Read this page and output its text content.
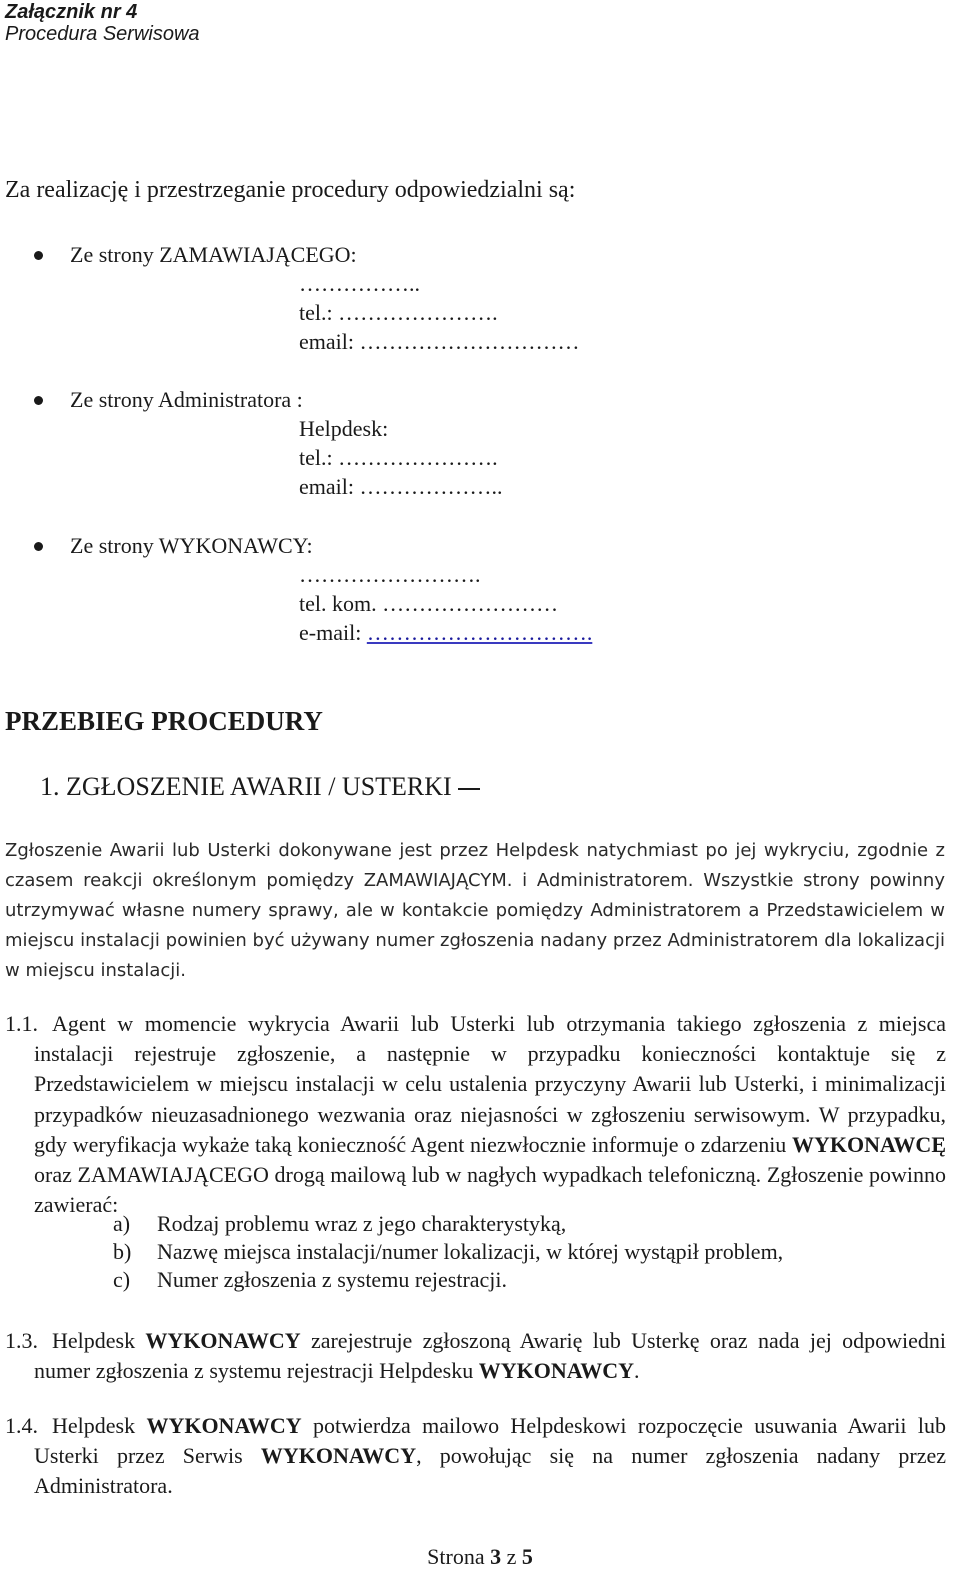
Załącznik nr 4
Procedura Serwisowa
Za realizację i przestrzeganie procedury odpowiedzialni są:
Ze strony ZAMAWIAJĄCEGO:
……………..
tel.: ………………….
email: …………………………
Ze strony Administratora :
Helpdesk:
tel.: ………………….
email: ………………..
Ze strony WYKONAWCY:
…………………….
tel. kom. ……………………
e-mail: ………………………….
PRZEBIEG PROCEDURY
1. ZGŁOSZENIE AWARII / USTERKI
Zgłoszenie Awarii lub Usterki dokonywane jest przez Helpdesk natychmiast po jej wykryciu, zgodnie z czasem reakcji określonym pomiędzy ZAMAWIAJĄCYM. i Administratorem. Wszystkie strony powinny utrzymywać własne numery sprawy, ale w kontakcie pomiędzy Administratorem a Przedstawicielem w miejscu instalacji powinien być używany numer zgłoszenia nadany przez Administratorem dla lokalizacji w miejscu instalacji.
1.1. Agent w momencie wykrycia Awarii lub Usterki lub otrzymania takiego zgłoszenia z miejsca instalacji rejestruje zgłoszenie, a następnie w przypadku konieczności kontaktuje się z Przedstawicielem w miejscu instalacji w celu ustalenia przyczyny Awarii lub Usterki, i minimalizacji przypadków nieuzasadnionego wezwania oraz niejasności w zgłoszeniu serwisowym. W przypadku, gdy weryfikacja wykaże taką konieczność Agent niezwłocznie informuje o zdarzeniu WYKONAWCĘ oraz ZAMAWIAJĄCEGO drogą mailową lub w nagłych wypadkach telefoniczną. Zgłoszenie powinno zawierać:
a) Rodzaj problemu wraz z jego charakterystyką,
b) Nazwę miejsca instalacji/numer lokalizacji, w której wystąpił problem,
c) Numer zgłoszenia z systemu rejestracji.
1.3. Helpdesk WYKONAWCY zarejestruje zgłoszoną Awarię lub Usterkę oraz nada jej odpowiedni numer zgłoszenia z systemu rejestracji Helpdesku WYKONAWCY.
1.4. Helpdesk WYKONAWCY potwierdza mailowo Helpdeskowi rozpoczęcie usuwania Awarii lub Usterki przez Serwis WYKONAWCY, powołując się na numer zgłoszenia nadany przez Administratora.
Strona 3 z 5
